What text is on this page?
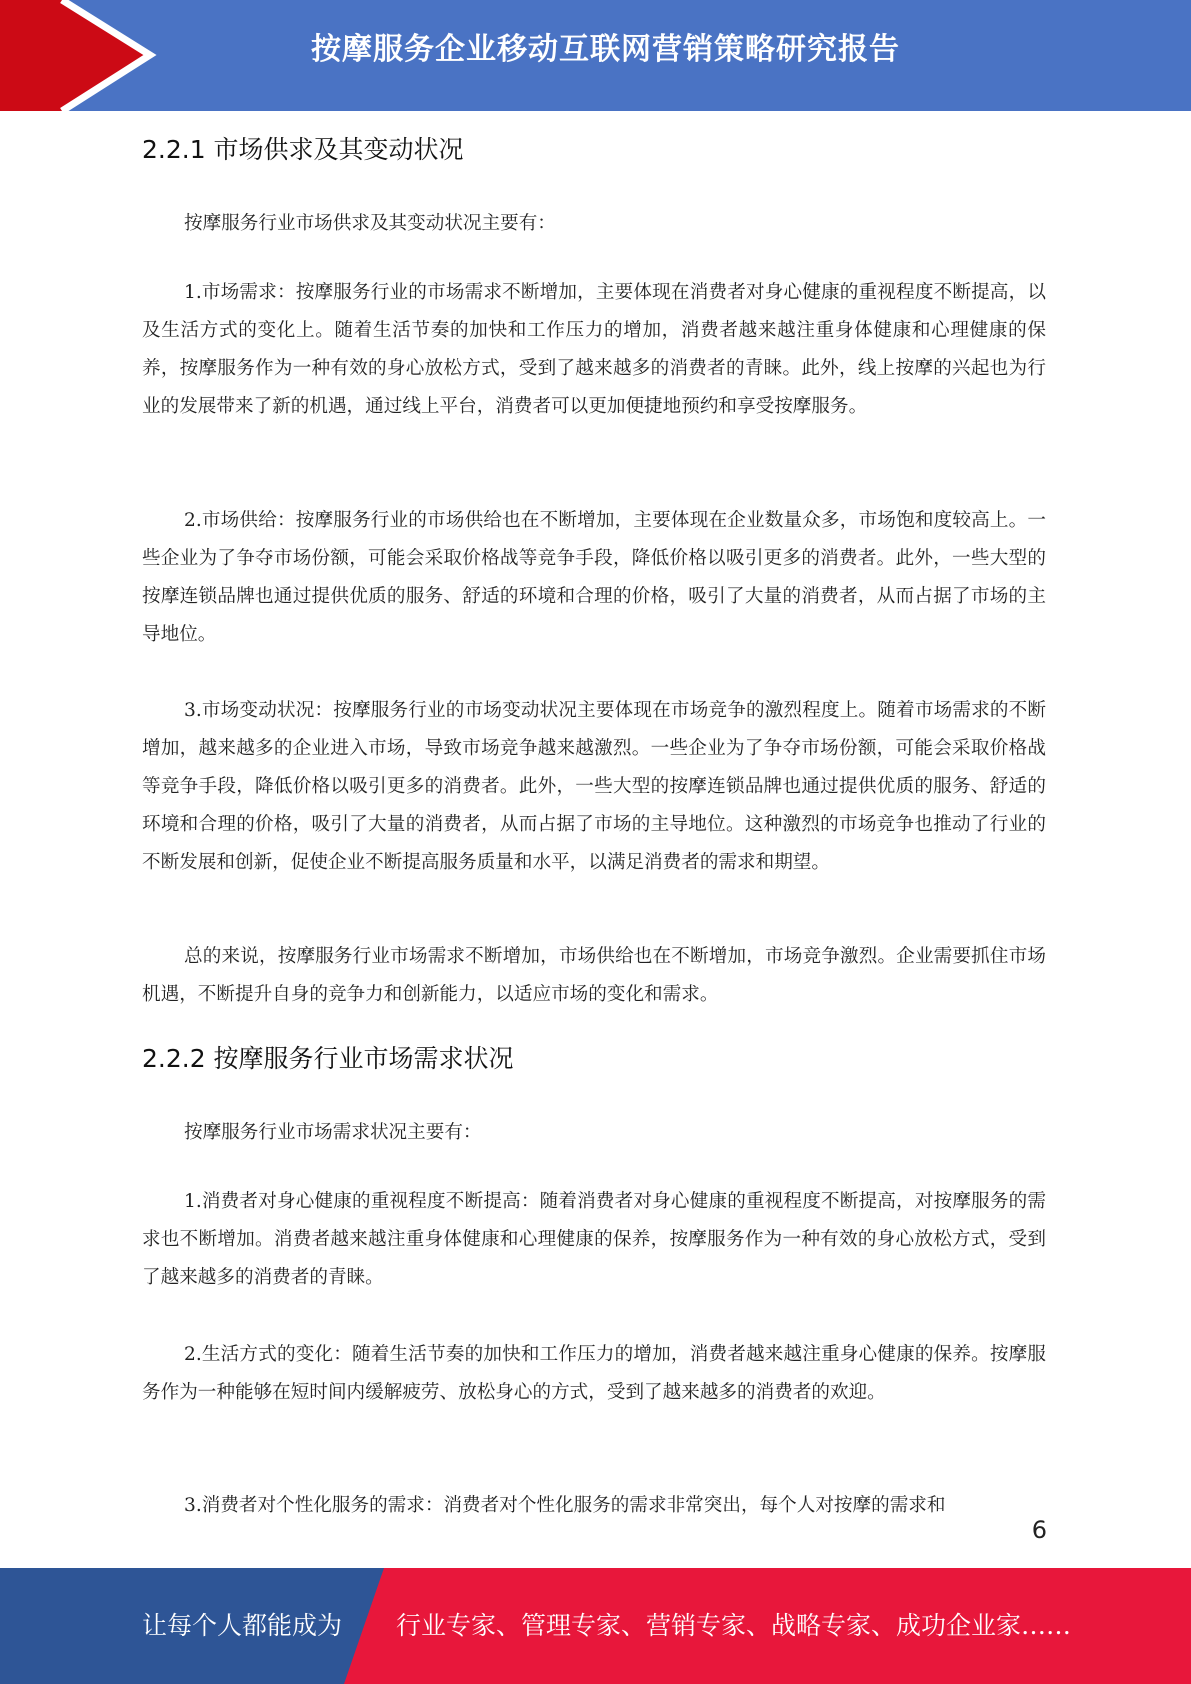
按摩服务企业移动互联网营销策略研究报告
2.2.1 市场供求及其变动状况
按摩服务行业市场供求及其变动状况主要有：
1.市场需求：按摩服务行业的市场需求不断增加，主要体现在消费者对身心健康的重视程度不断提高，以及生活方式的变化上。随着生活节奏的加快和工作压力的增加，消费者越来越注重身体健康和心理健康的保养，按摩服务作为一种有效的身心放松方式，受到了越来越多的消费者的青睐。此外，线上按摩的兴起也为行业的发展带来了新的机遇，通过线上平台，消费者可以更加便捷地预约和享受按摩服务。
2.市场供给：按摩服务行业的市场供给也在不断增加，主要体现在企业数量众多，市场饱和度较高上。一些企业为了争夺市场份额，可能会采取价格战等竞争手段，降低价格以吸引更多的消费者。此外，一些大型的按摩连锁品牌也通过提供优质的服务、舒适的环境和合理的价格，吸引了大量的消费者，从而占据了市场的主导地位。
3.市场变动状况：按摩服务行业的市场变动状况主要体现在市场竞争的激烈程度上。随着市场需求的不断增加，越来越多的企业进入市场，导致市场竞争越来越激烈。一些企业为了争夺市场份额，可能会采取价格战等竞争手段，降低价格以吸引更多的消费者。此外，一些大型的按摩连锁品牌也通过提供优质的服务、舒适的环境和合理的价格，吸引了大量的消费者，从而占据了市场的主导地位。这种激烈的市场竞争也推动了行业的不断发展和创新，促使企业不断提高服务质量和水平，以满足消费者的需求和期望。
总的来说，按摩服务行业市场需求不断增加，市场供给也在不断增加，市场竞争激烈。企业需要抓住市场机遇，不断提升自身的竞争力和创新能力，以适应市场的变化和需求。
2.2.2 按摩服务行业市场需求状况
按摩服务行业市场需求状况主要有：
1.消费者对身心健康的重视程度不断提高：随着消费者对身心健康的重视程度不断提高，对按摩服务的需求也不断增加。消费者越来越注重身体健康和心理健康的保养，按摩服务作为一种有效的身心放松方式，受到了越来越多的消费者的青睐。
2.生活方式的变化：随着生活节奏的加快和工作压力的增加，消费者越来越注重身心健康的保养。按摩服务作为一种能够在短时间内缓解疲劳、放松身心的方式，受到了越来越多的消费者的欢迎。
3.消费者对个性化服务的需求：消费者对个性化服务的需求非常突出，每个人对按摩的需求和
6
让每个人都能成为 行业专家、管理专家、营销专家、战略专家、成功企业家……
